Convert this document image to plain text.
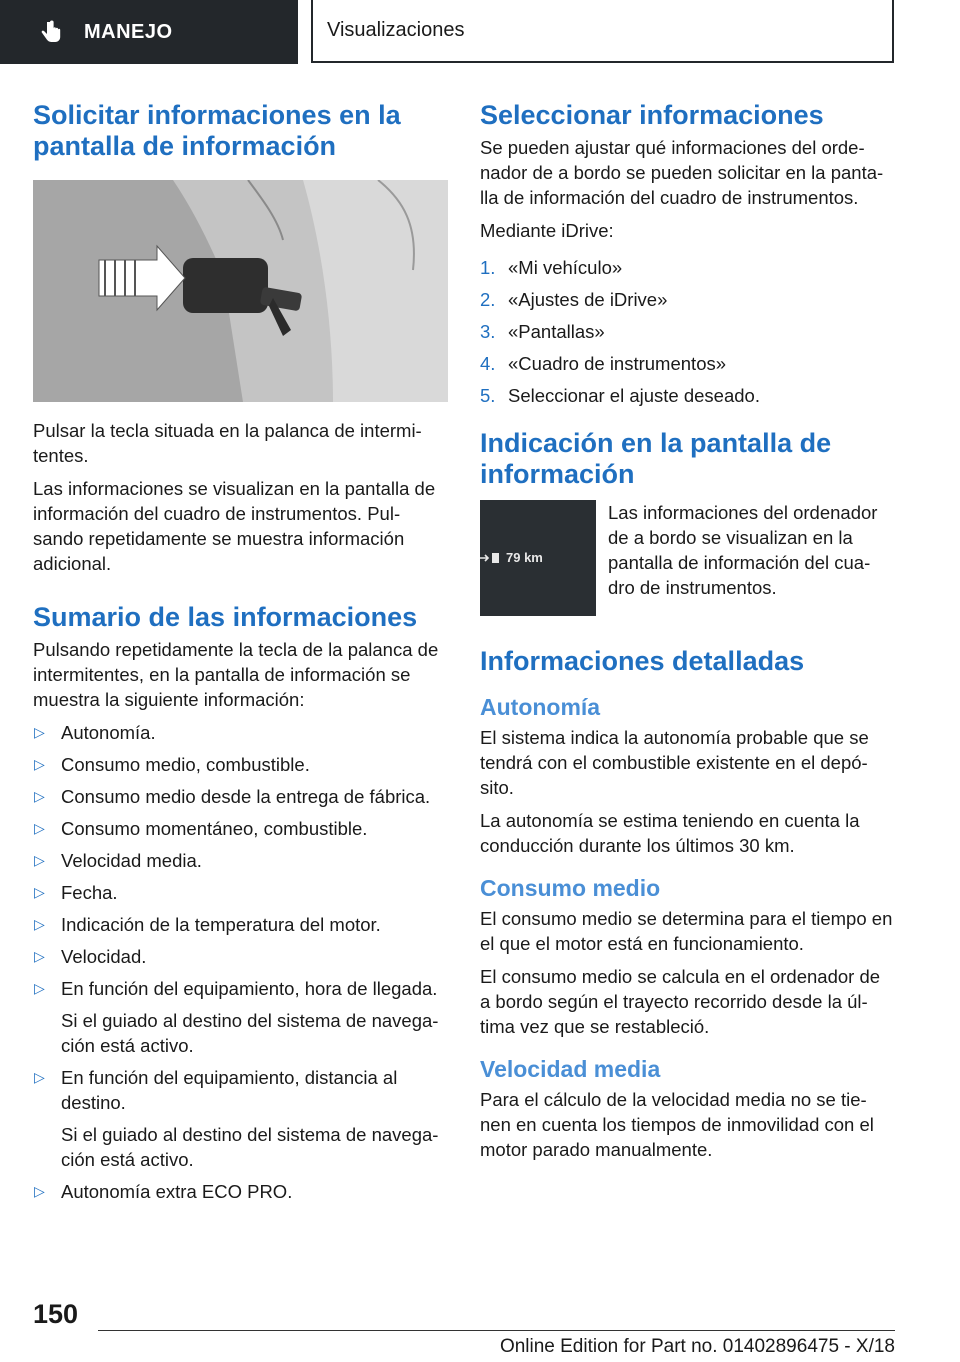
MANEJO	Visualizaciones
Solicitar informaciones en la pantalla de información

Pulsar la tecla situada en la palanca de intermi‐tentes.

Las informaciones se visualizan en la pantalla de información del cuadro de instrumentos. Pul‐sando repetidamente se muestra información adicional.

Sumario de las informaciones

Pulsando repetidamente la tecla de la palanca de intermitentes, en la pantalla de información se muestra la siguiente información:

▷ Autonomía.
▷ Consumo medio, combustible.
▷ Consumo medio desde la entrega de fábrica.
▷ Consumo momentáneo, combustible.
▷ Velocidad media.
▷ Fecha.
▷ Indicación de la temperatura del motor.
▷ Velocidad.
▷ En función del equipamiento, hora de llegada.
Si el guiado al destino del sistema de navega‐ción está activo.
▷ En función del equipamiento, distancia al destino.
Si el guiado al destino del sistema de navega‐ción está activo.
▷ Autonomía extra ECO PRO.
Seleccionar informaciones

Se pueden ajustar qué informaciones del orde‐nador de a bordo se pueden solicitar en la panta‐lla de información del cuadro de instrumentos.

Mediante iDrive:

1. «Mi vehículo»
2. «Ajustes de iDrive»
3. «Pantallas»
4. «Cuadro de instrumentos»
5. Seleccionar el ajuste deseado.
Indicación en la pantalla de información
79 km
Las informaciones del ordenador de a bordo se visualizan en la pantalla de información del cua‐dro de instrumentos.
Informaciones detalladas
Autonomía

El sistema indica la autonomía probable que se tendrá con el combustible existente en el depó‐sito.

La autonomía se estima teniendo en cuenta la conducción durante los últimos 30 km.

Consumo medio

El consumo medio se determina para el tiempo en el que el motor está en funcionamiento.

El consumo medio se calcula en el ordenador de a bordo según el trayecto recorrido desde la úl‐tima vez que se restableció.

Velocidad media

Para el cálculo de la velocidad media no se tie‐nen en cuenta los tiempos de inmovilidad con el motor parado manualmente.

150
Online Edition for Part no. 01402896475 - X/18
